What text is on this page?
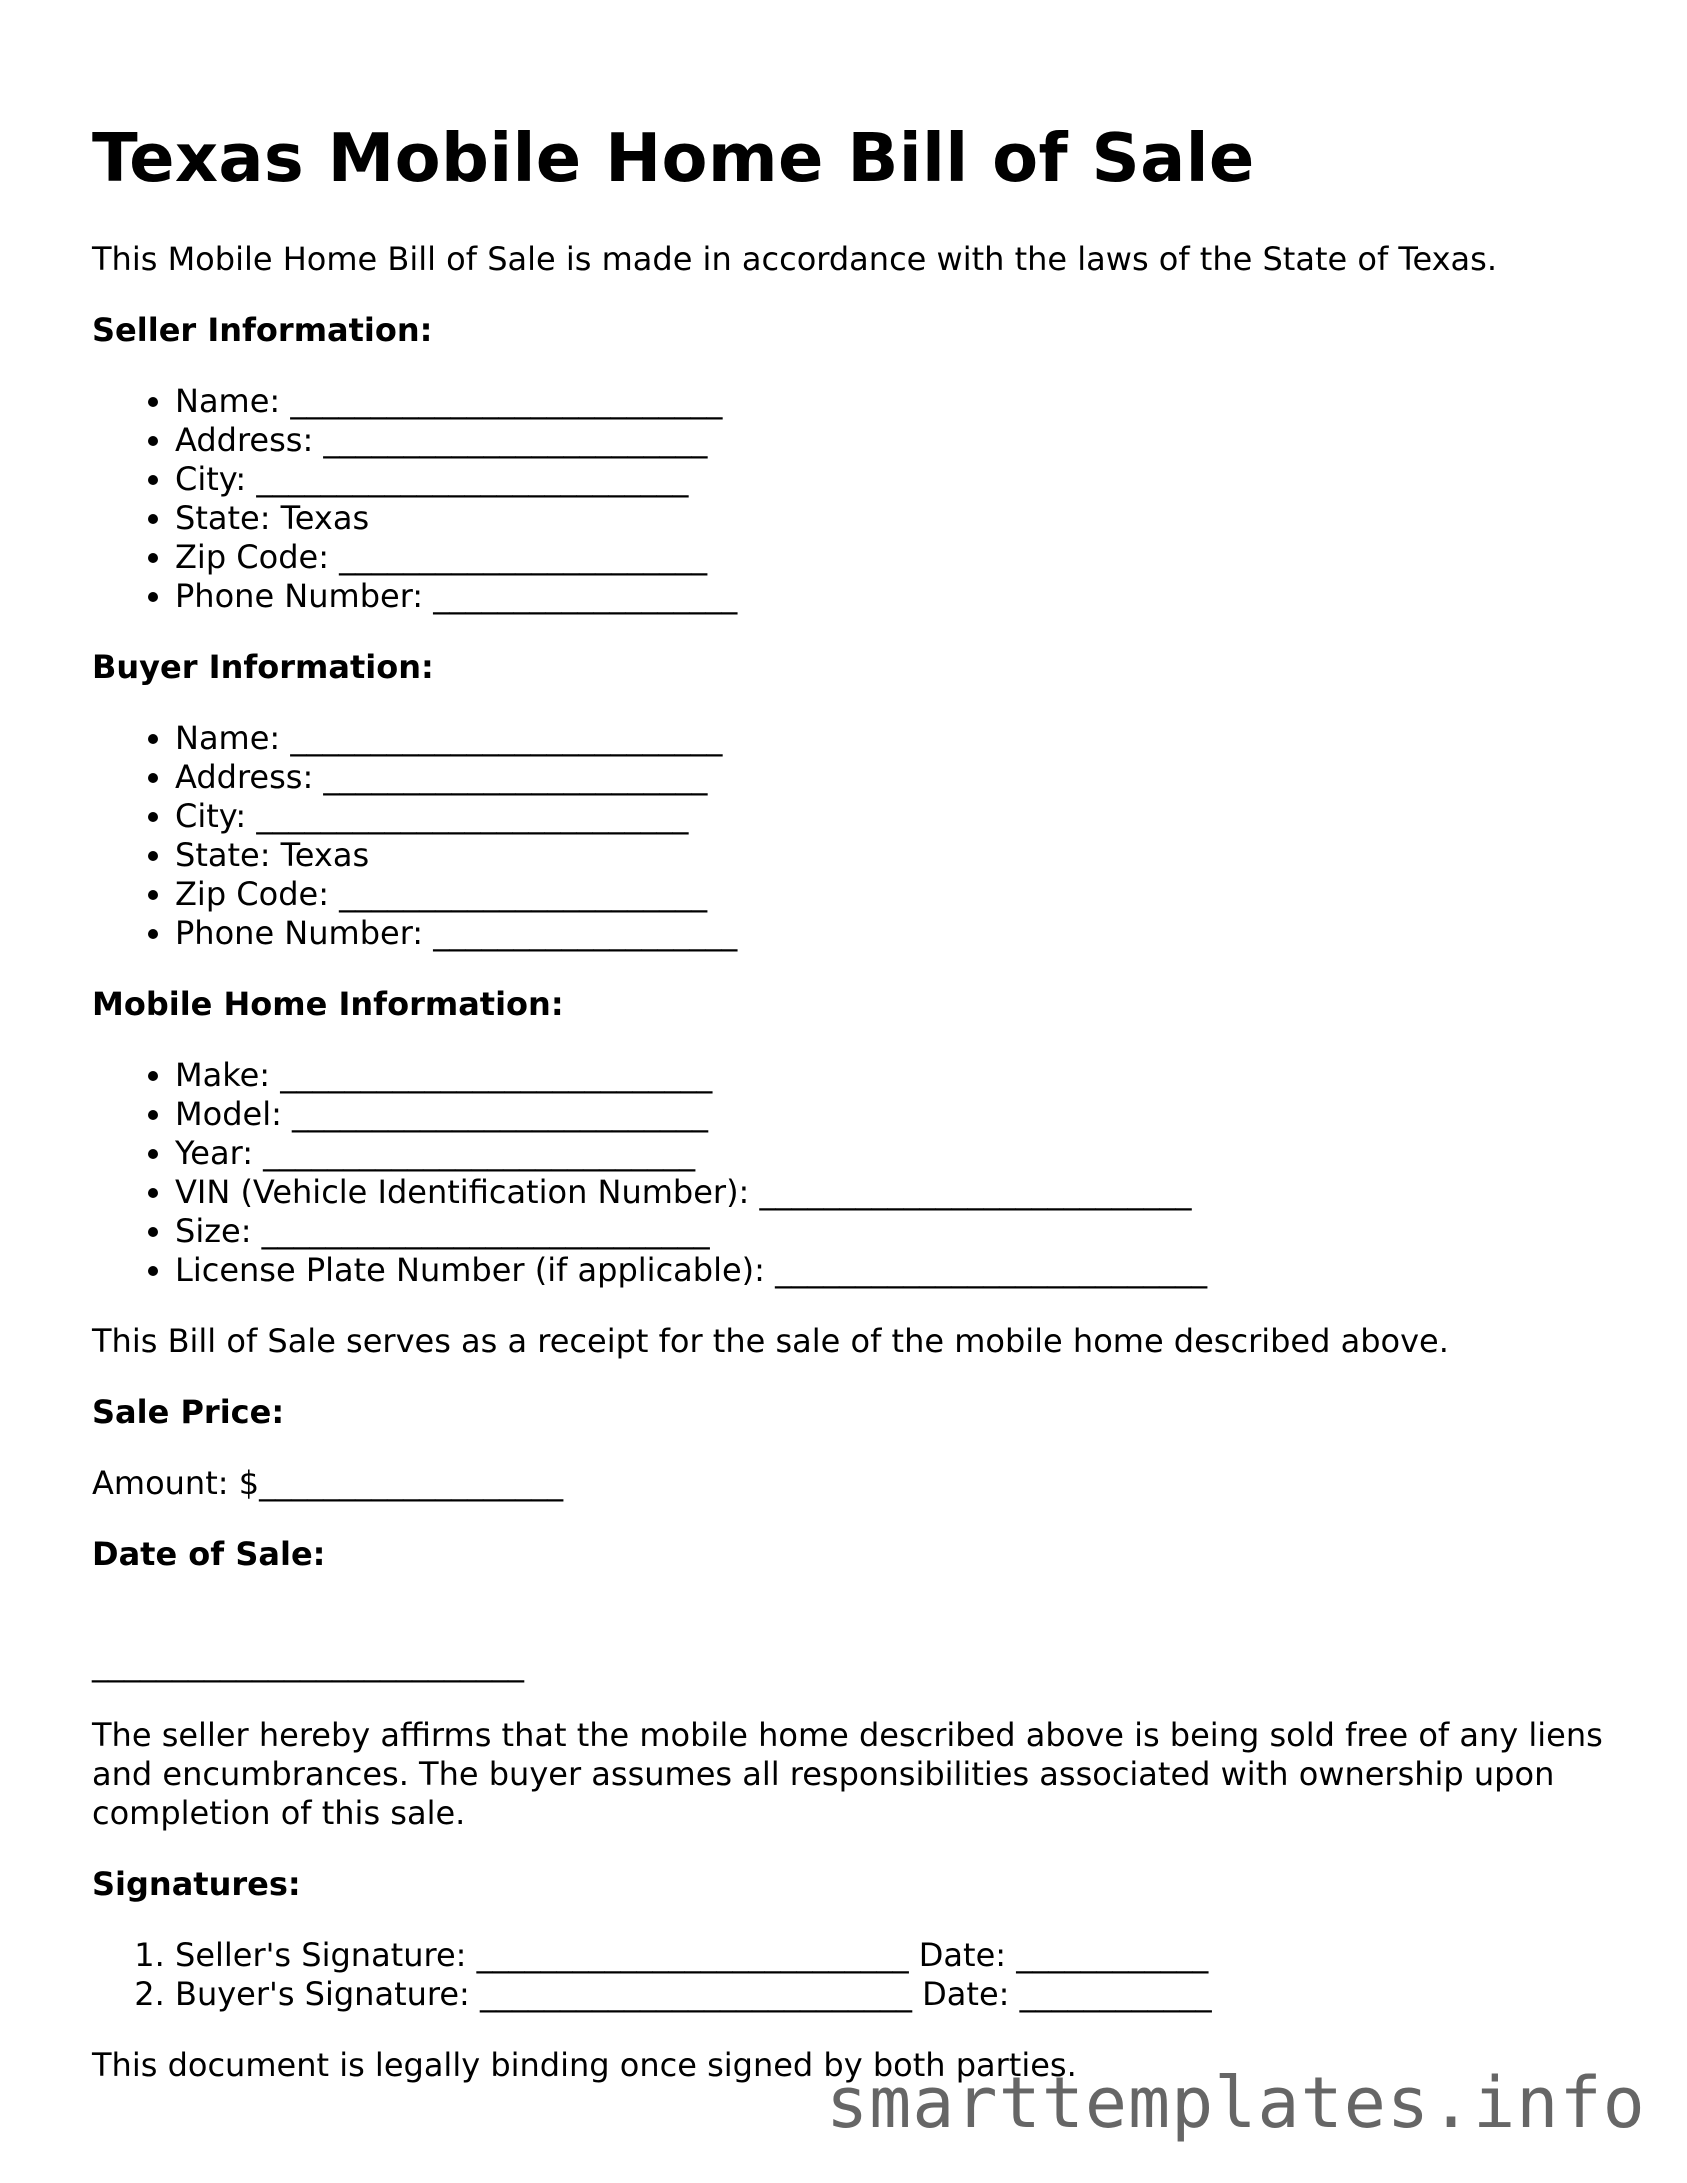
Texas Mobile Home Bill of Sale

This Mobile Home Bill of Sale is made in accordance with the laws of the State of Texas.

Seller Information:

• Name: ___________________________
• Address: ________________________
• City: ___________________________
• State: Texas
• Zip Code: _______________________
• Phone Number: ___________________

Buyer Information:

• Name: ___________________________
• Address: ________________________
• City: ___________________________
• State: Texas
• Zip Code: _______________________
• Phone Number: ___________________

Mobile Home Information:

• Make: ___________________________
• Model: __________________________
• Year: ___________________________
• VIN (Vehicle Identification Number): ___________________________
• Size: ____________________________
• License Plate Number (if applicable): ___________________________

This Bill of Sale serves as a receipt for the sale of the mobile home described above.

Sale Price:

Amount: $___________________

Date of Sale:

___________________________

The seller hereby affirms that the mobile home described above is being sold free of any liens and encumbrances. The buyer assumes all responsibilities associated with ownership upon completion of this sale.

Signatures:

1. Seller's Signature: ___________________________ Date: ____________
2. Buyer's Signature: ___________________________ Date: ____________

This document is legally binding once signed by both parties.

smarttemplates.info
